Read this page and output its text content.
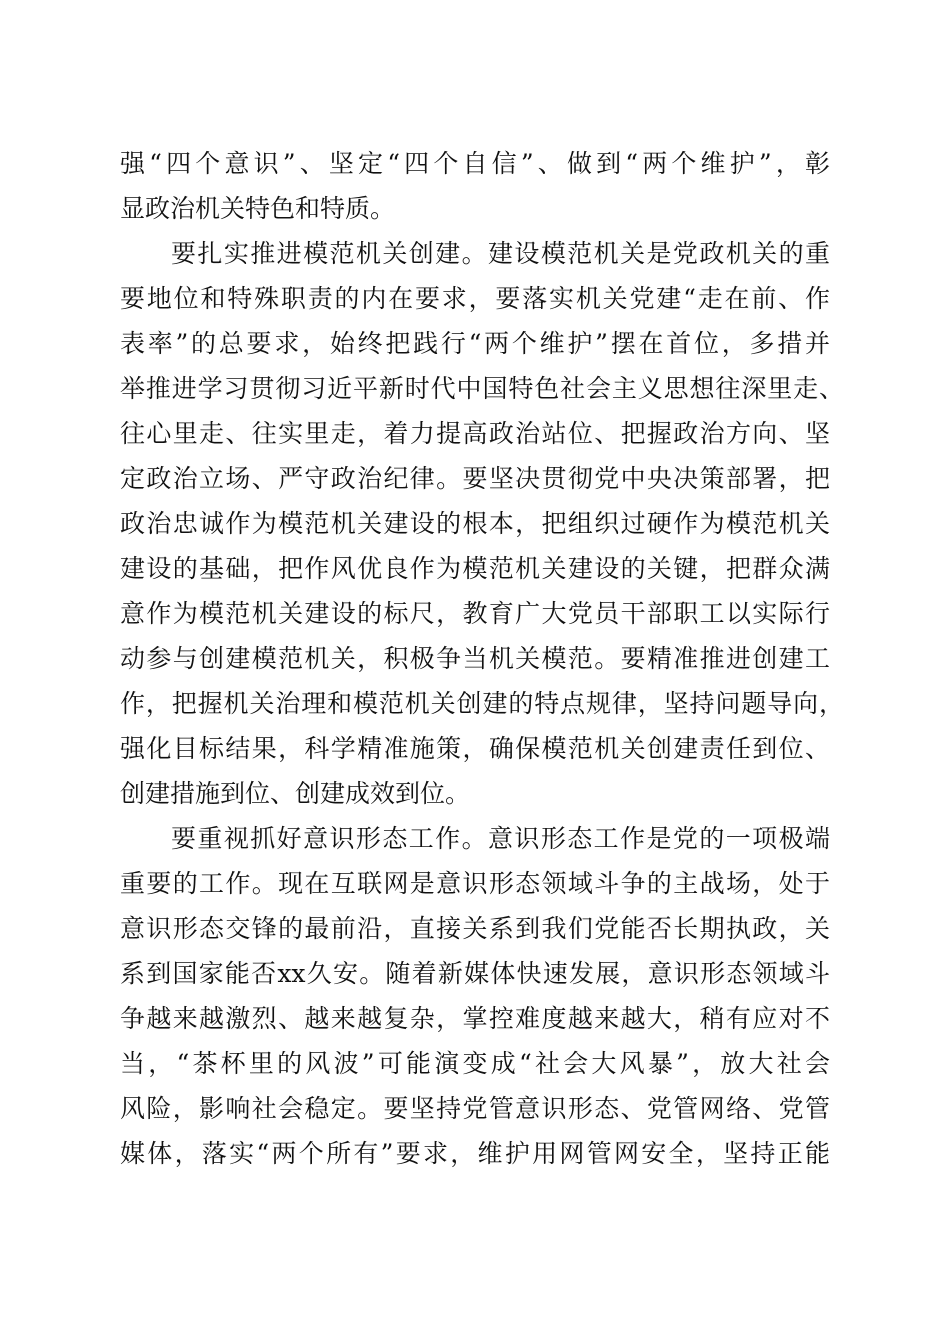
强“四个意识”、坚定“四个自信”、做到“两个维护”，彰
显政治机关特色和特质。
要扎实推进模范机关创建。建设模范机关是党政机关的重
要地位和特殊职责的内在要求，要落实机关党建“走在前、作
表率”的总要求，始终把践行“两个维护”摆在首位，多措并
举推进学习贯彻习近平新时代中国特色社会主义思想往深里走、
往心里走、往实里走，着力提高政治站位、把握政治方向、坚
定政治立场、严守政治纪律。要坚决贯彻党中央决策部署，把
政治忠诚作为模范机关建设的根本，把组织过硬作为模范机关
建设的基础，把作风优良作为模范机关建设的关键，把群众满
意作为模范机关建设的标尺，教育广大党员干部职工以实际行
动参与创建模范机关，积极争当机关模范。要精准推进创建工
作，把握机关治理和模范机关创建的特点规律，坚持问题导向，
强化目标结果，科学精准施策，确保模范机关创建责任到位、
创建措施到位、创建成效到位。
要重视抓好意识形态工作。意识形态工作是党的一项极端
重要的工作。现在互联网是意识形态领域斗争的主战场，处于
意识形态交锋的最前沿，直接关系到我们党能否长期执政，关
系到国家能否xx久安。随着新媒体快速发展，意识形态领域斗
争越来越激烈、越来越复杂，掌控难度越来越大，稍有应对不
当，“茶杯里的风波”可能演变成“社会大风暴”，放大社会
风险，影响社会稳定。要坚持党管意识形态、党管网络、党管
媒体，落实“两个所有”要求，维护用网管网安全，坚持正能
